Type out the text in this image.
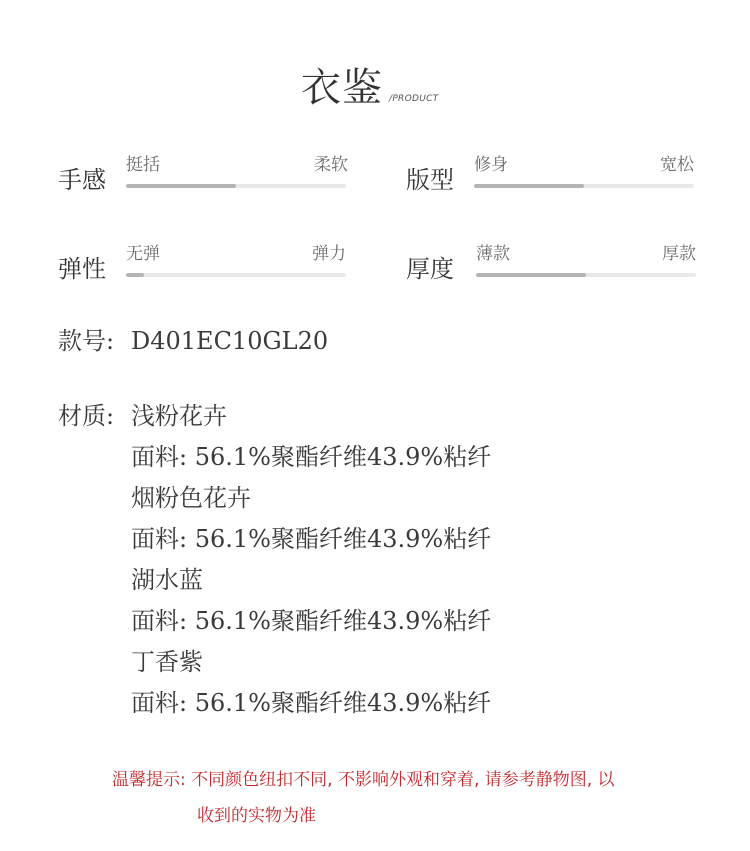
衣鉴 /PRODUCT
手感
挺括	柔软
版型
修身	宽松
弹性
无弹	弹力
厚度
薄款	厚款
款号: D401EC10GL20
材质: 浅粉花卉
面料: 56.1%聚酯纤维43.9%粘纤
烟粉色花卉
面料: 56.1%聚酯纤维43.9%粘纤
湖水蓝
面料: 56.1%聚酯纤维43.9%粘纤
丁香紫
面料: 56.1%聚酯纤维43.9%粘纤
温馨提示: 不同颜色纽扣不同, 不影响外观和穿着, 请参考静物图, 以
收到的实物为准
